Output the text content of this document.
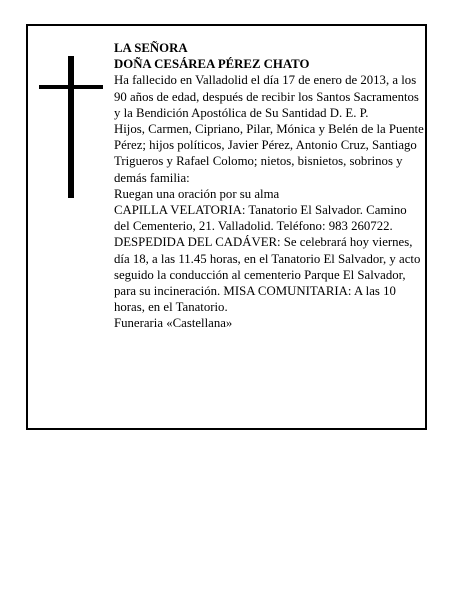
LA SEÑORA

DOÑA CESÁREA PÉREZ CHATO

Ha fallecido en Valladolid el día 17 de enero de 2013, a los 90 años de edad, después de recibir los Santos Sacramentos y la Bendición Apostólica de Su Santidad D. E. P.

Hijos, Carmen, Cipriano, Pilar, Mónica y Belén de la Puente Pérez; hijos políticos, Javier Pérez, Antonio Cruz, Santiago Trigueros y Rafael Colomo; nietos, bisnietos, sobrinos y demás familia:

Ruegan una oración por su alma

CAPILLA VELATORIA: Tanatorio El Salvador. Camino del Cementerio, 21. Valladolid. Teléfono: 983 260722.

DESPEDIDA DEL CADÁVER: Se celebrará hoy viernes, día 18, a las 11.45 horas, en el Tanatorio El Salvador, y acto seguido la conducción al cementerio Parque El Salvador, para su incineración. MISA COMUNITARIA: A las 10 horas, en el Tanatorio.

Funeraria «Castellana»
